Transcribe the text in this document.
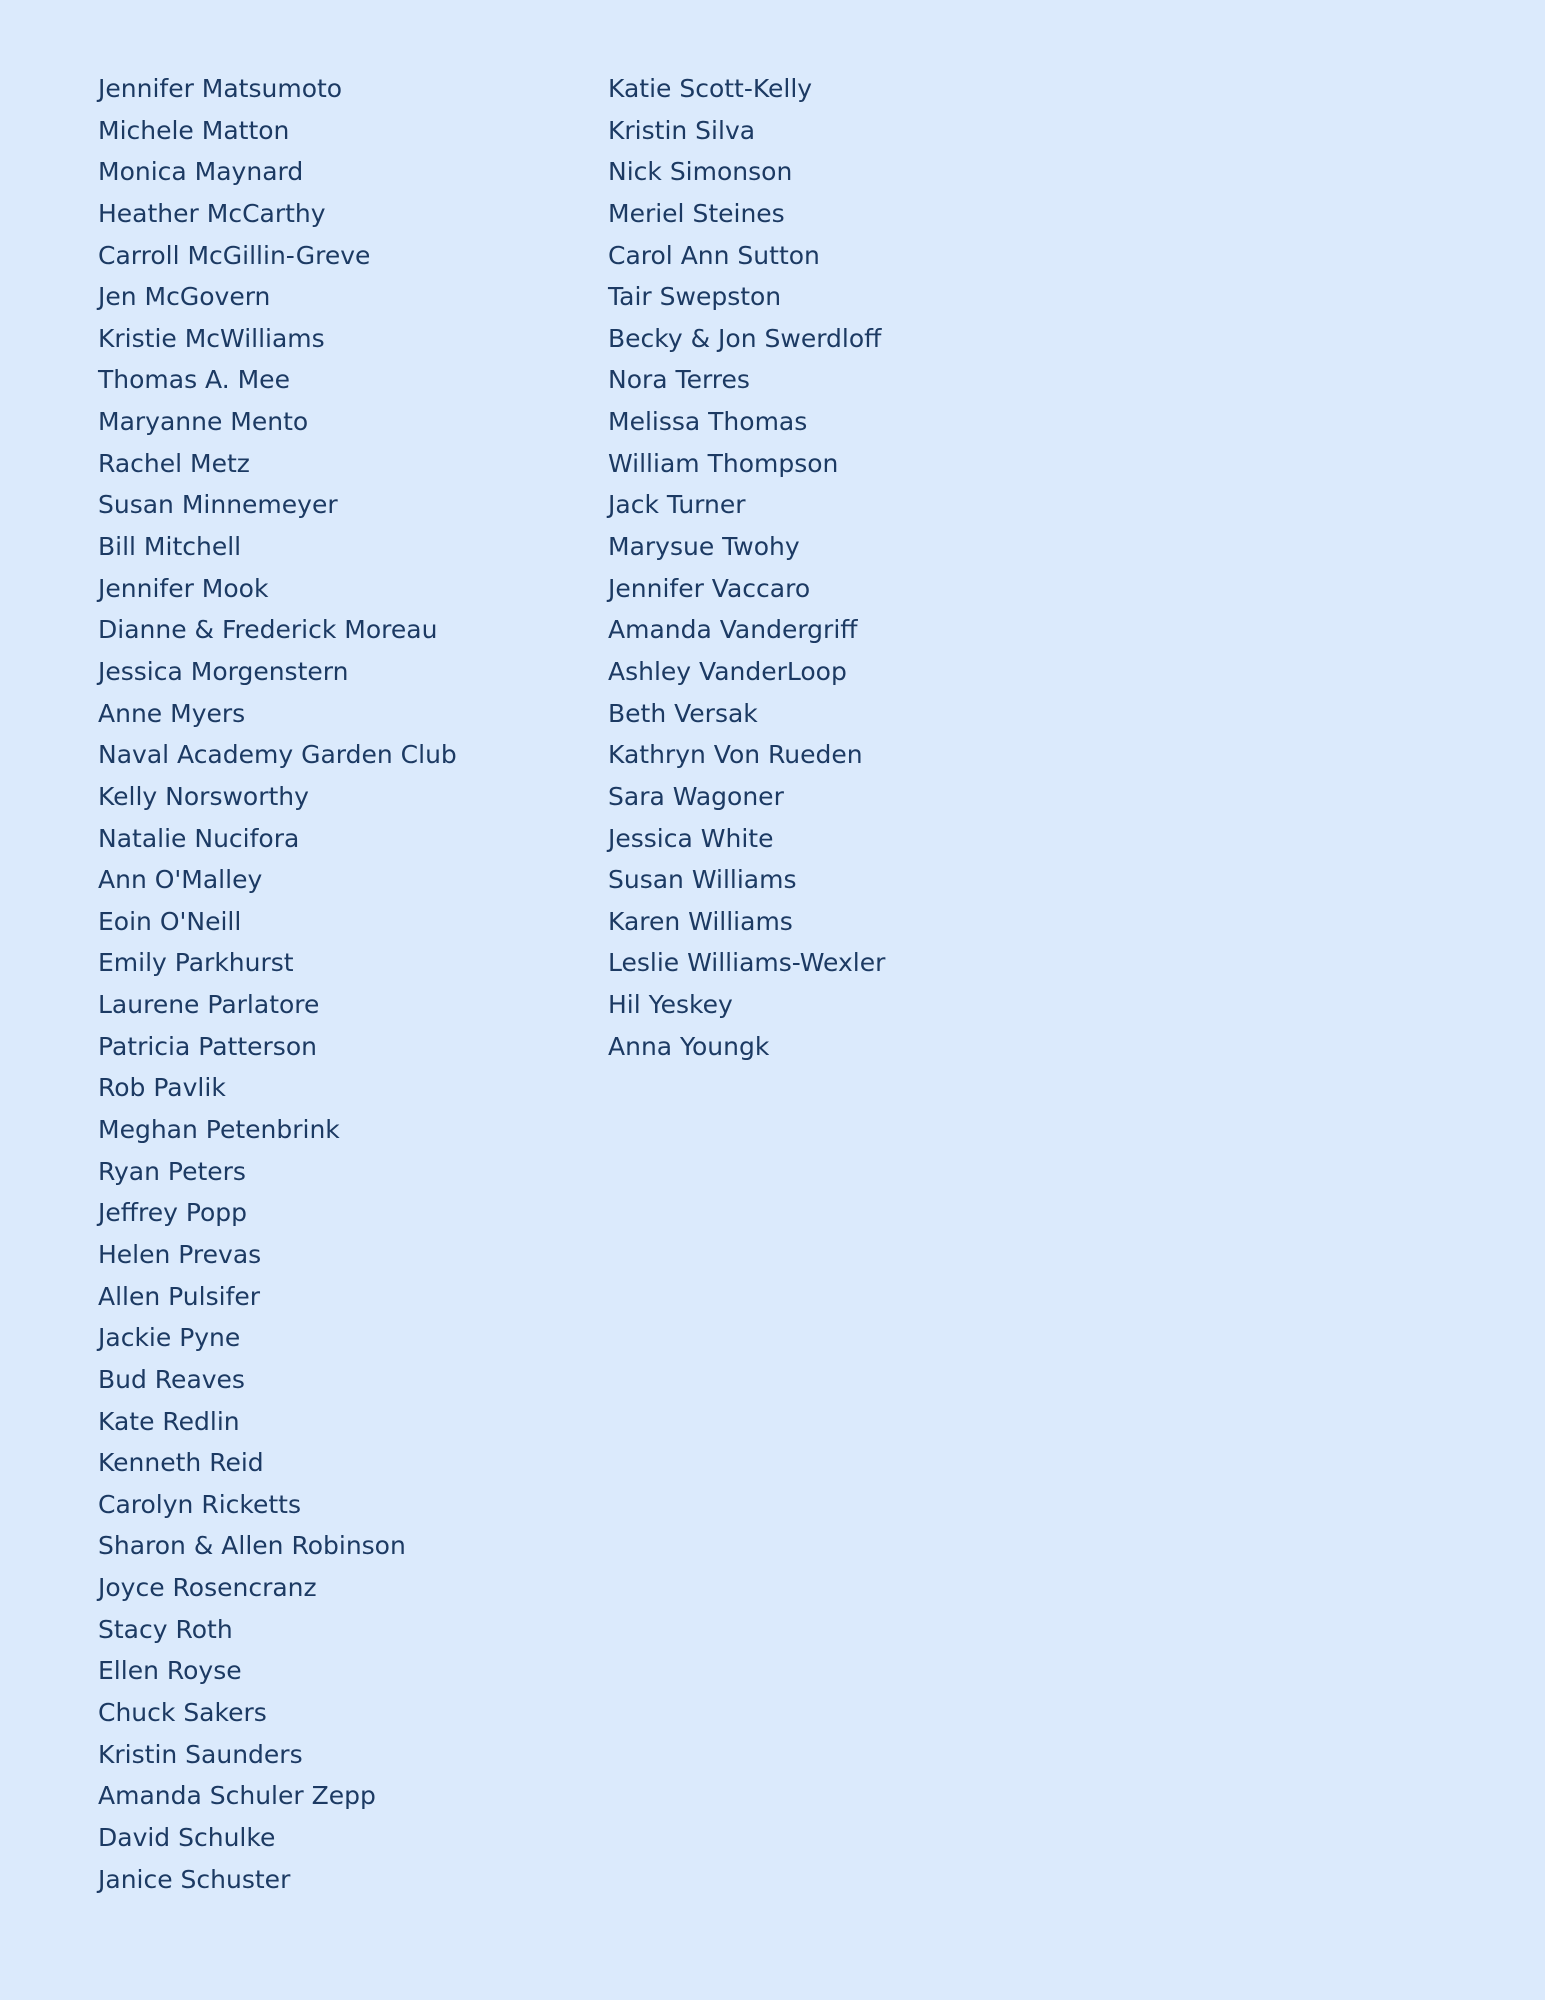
Jennifer Matsumoto
Michele Matton
Monica Maynard
Heather McCarthy
Carroll McGillin-Greve
Jen McGovern
Kristie McWilliams
Thomas A. Mee
Maryanne Mento
Rachel Metz
Susan Minnemeyer
Bill Mitchell
Jennifer Mook
Dianne & Frederick Moreau
Jessica Morgenstern
Anne Myers
Naval Academy Garden Club
Kelly Norsworthy
Natalie Nucifora
Ann O'Malley
Eoin O'Neill
Emily Parkhurst
Laurene Parlatore
Patricia Patterson
Rob Pavlik
Meghan Petenbrink
Ryan Peters
Jeffrey Popp
Helen Prevas
Allen Pulsifer
Jackie Pyne
Bud Reaves
Kate Redlin
Kenneth Reid
Carolyn Ricketts
Sharon & Allen Robinson
Joyce Rosencranz
Stacy Roth
Ellen Royse
Chuck Sakers
Kristin Saunders
Amanda Schuler Zepp
David Schulke
Janice Schuster
Katie Scott-Kelly
Kristin Silva
Nick Simonson
Meriel Steines
Carol Ann Sutton
Tair Swepston
Becky & Jon Swerdloff
Nora Terres
Melissa Thomas
William Thompson
Jack Turner
Marysue Twohy
Jennifer Vaccaro
Amanda Vandergriff
Ashley VanderLoop
Beth Versak
Kathryn Von Rueden
Sara Wagoner
Jessica White
Susan Williams
Karen Williams
Leslie Williams-Wexler
Hil Yeskey
Anna Youngk
